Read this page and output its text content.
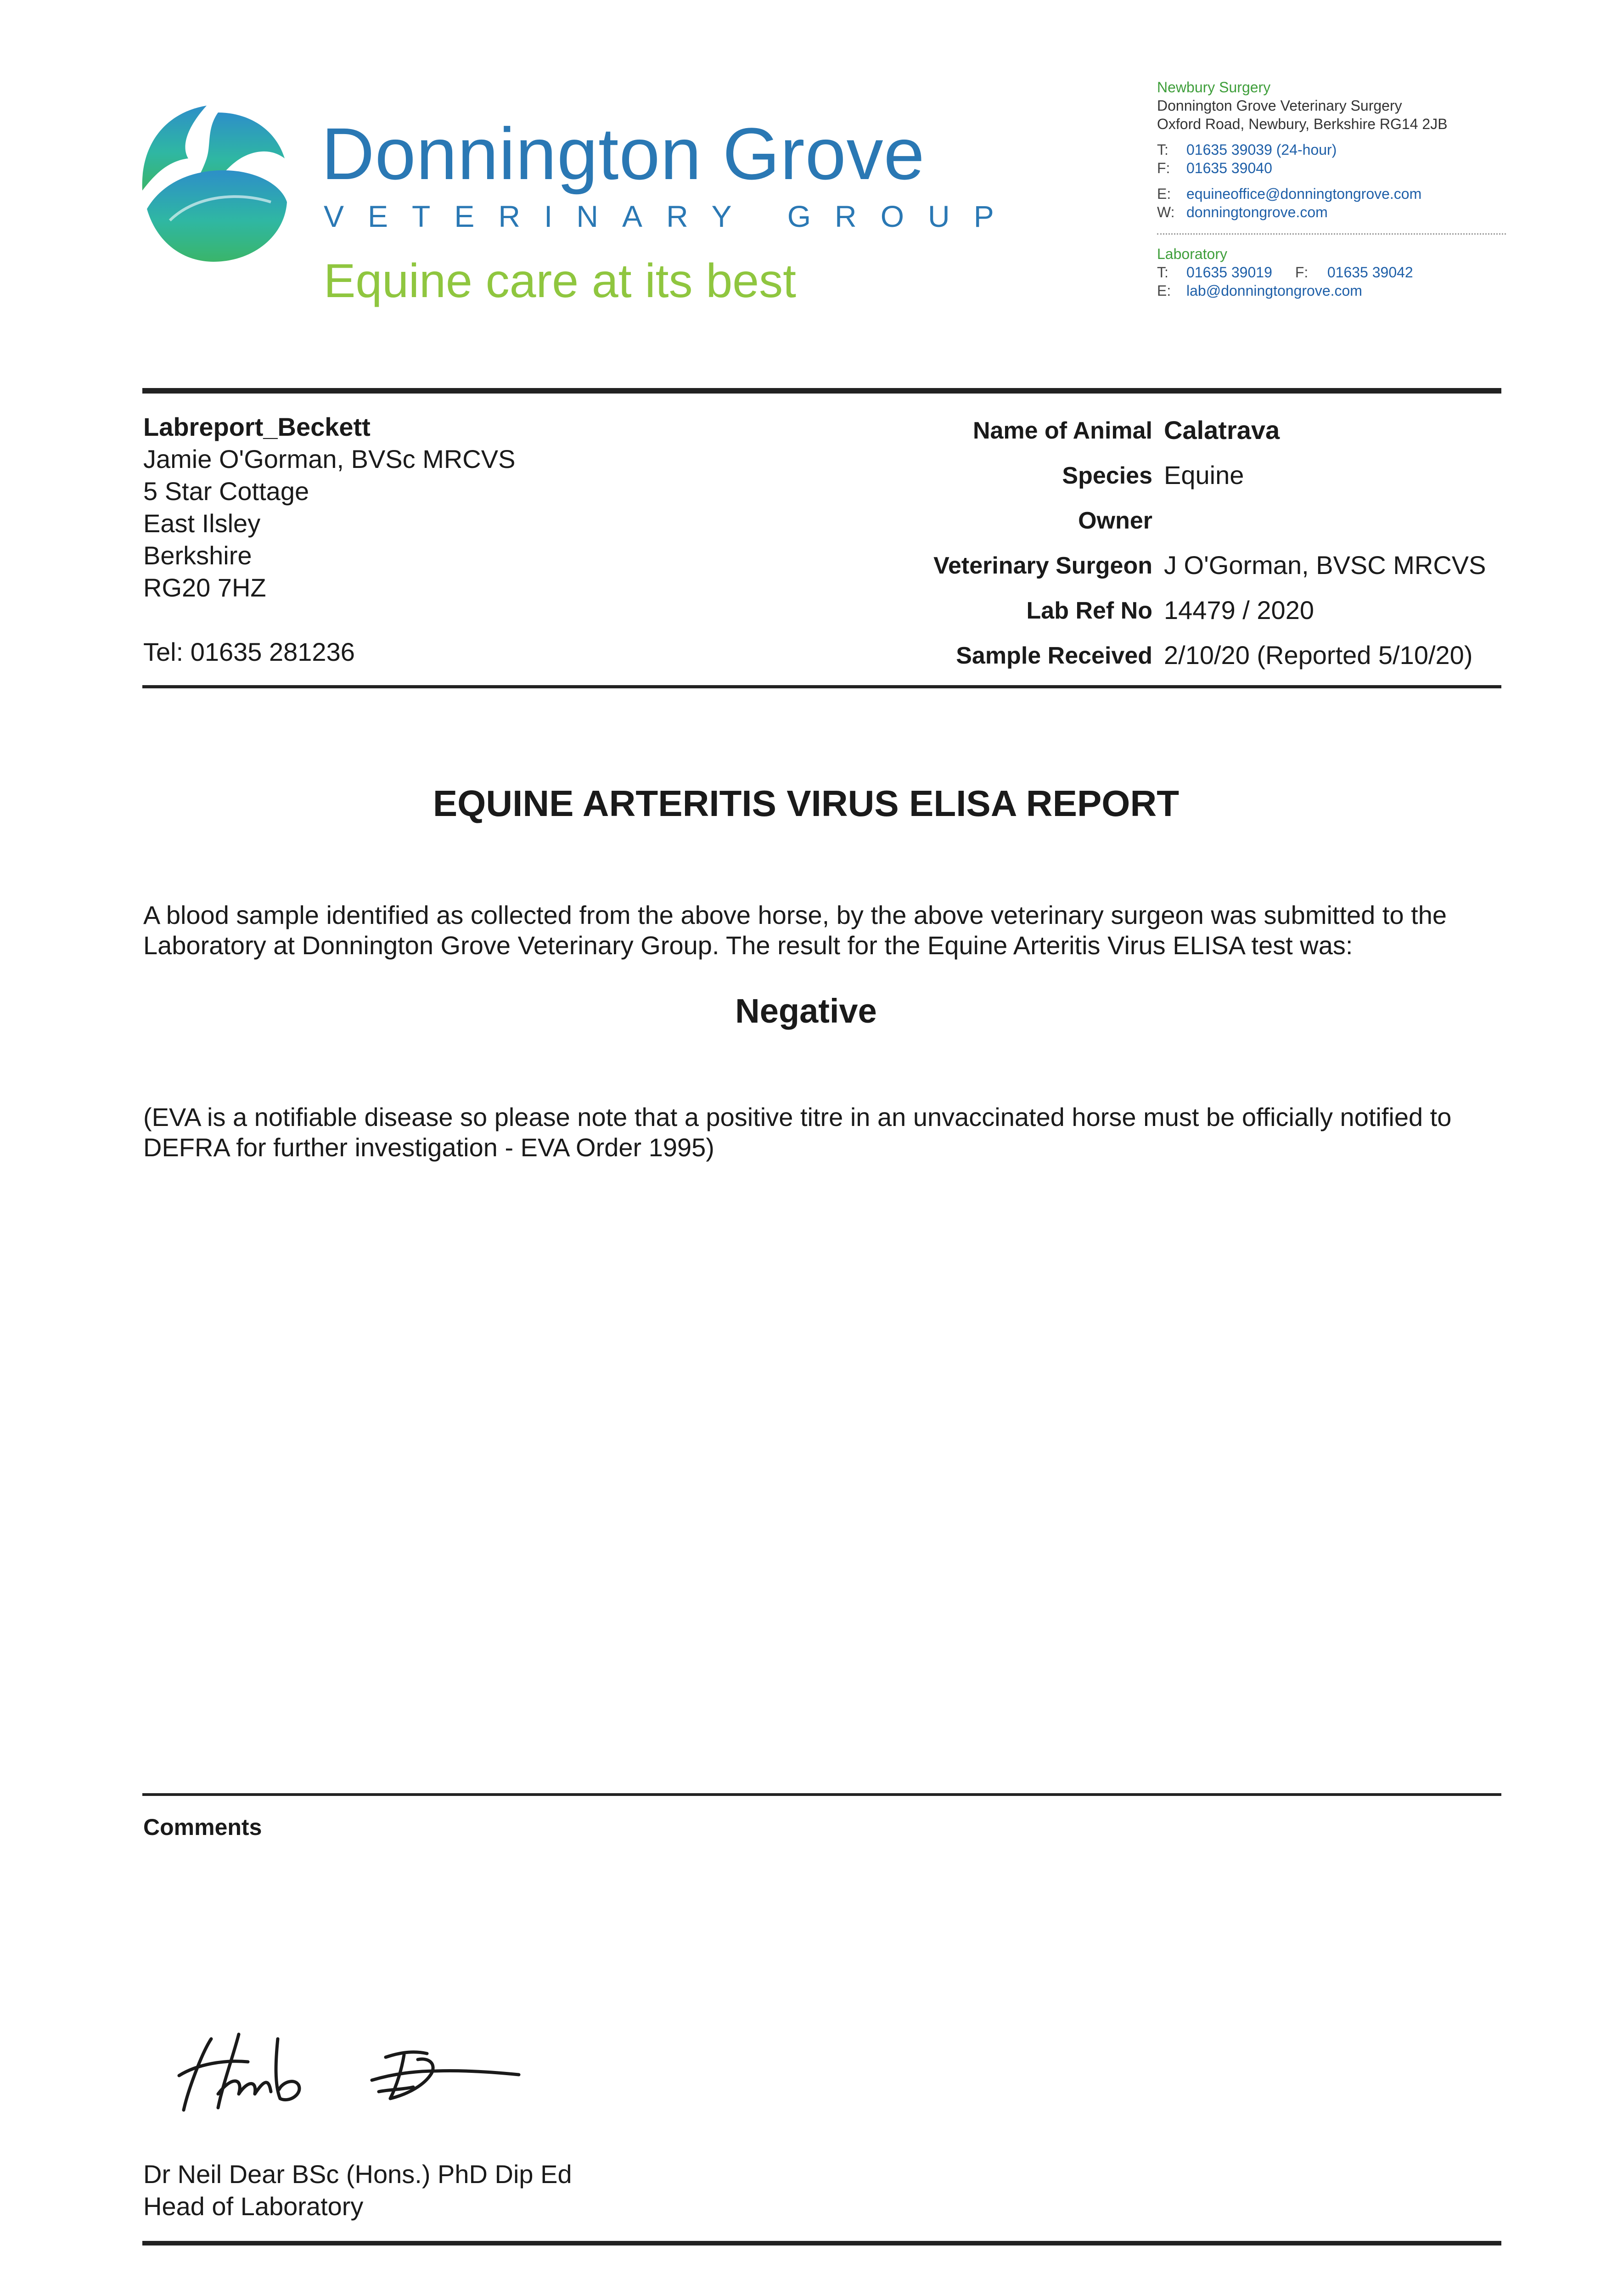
Donnington Grove
VETERINARY GROUP
Equine care at its best
Newbury Surgery
Donnington Grove Veterinary Surgery
Oxford Road, Newbury, Berkshire RG14 2JB
T: 01635 39039 (24-hour)
F: 01635 39040
E: equineoffice@donningtongrove.com
W: donningtongrove.com
Laboratory
T: 01635 39019 F: 01635 39042
E: lab@donningtongrove.com
Labreport_Beckett
Jamie O'Gorman, BVSc MRCVS
5 Star Cottage
East Ilsley
Berkshire
RG20 7HZ
Tel: 01635 281236
Name of Animal Calatrava
Species Equine
Owner
Veterinary Surgeon J O'Gorman, BVSC MRCVS
Lab Ref No 14479 / 2020
Sample Received 2/10/20 (Reported 5/10/20)
EQUINE ARTERITIS VIRUS ELISA REPORT
A blood sample identified as collected from the above horse, by the above veterinary surgeon was submitted to the Laboratory at Donnington Grove Veterinary Group. The result for the Equine Arteritis Virus ELISA test was:
Negative
(EVA is a notifiable disease so please note that a positive titre in an unvaccinated horse must be officially notified to DEFRA for further investigation - EVA Order 1995)
Comments
Dr Neil Dear BSc (Hons.) PhD Dip Ed
Head of Laboratory
